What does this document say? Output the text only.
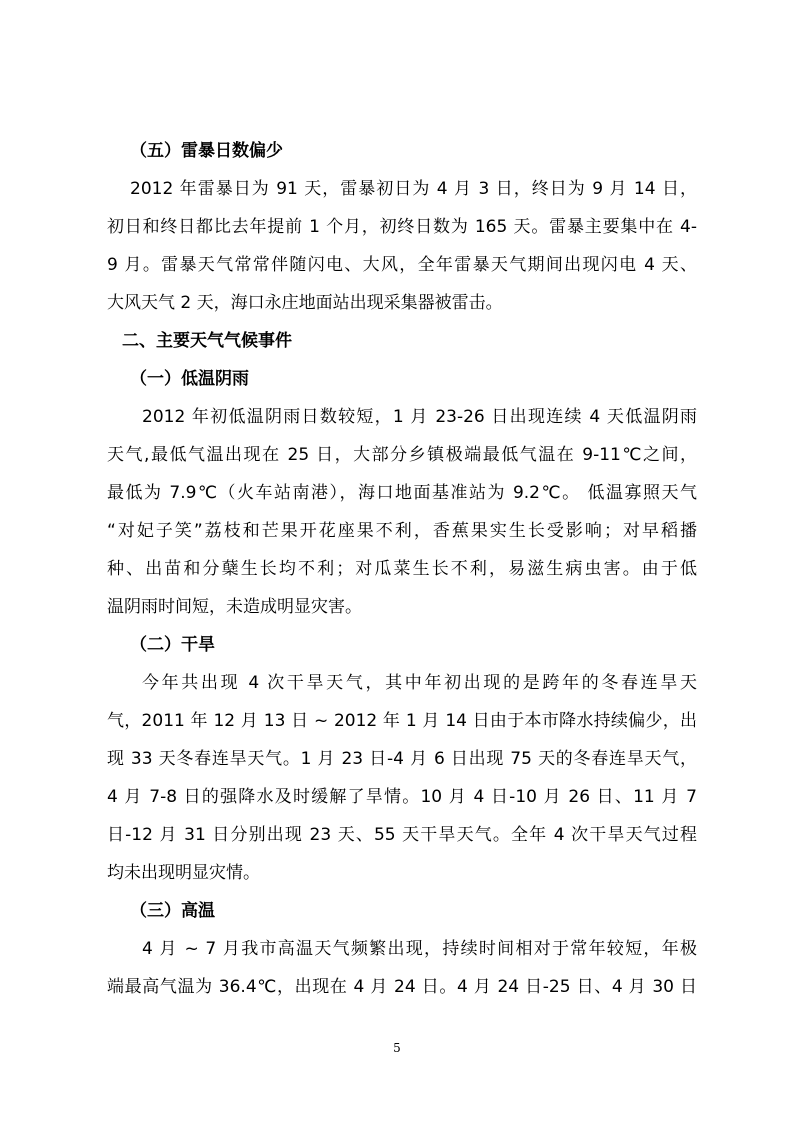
（五）雷暴日数偏少
2012 年雷暴日为 91 天，雷暴初日为 4 月 3 日，终日为 9 月 14 日，
初日和终日都比去年提前 1 个月，初终日数为 165 天。雷暴主要集中在 4-
9 月。雷暴天气常常伴随闪电、大风，全年雷暴天气期间出现闪电 4 天、
大风天气 2 天，海口永庄地面站出现采集器被雷击。
二、主要天气气候事件
（一）低温阴雨
2012 年初低温阴雨日数较短，1 月 23-26 日出现连续 4 天低温阴雨
天气,最低气温出现在 25 日，大部分乡镇极端最低气温在 9-11℃之间，
最低为 7.9℃（火车站南港），海口地面基准站为 9.2℃。 低温寡照天气
“对妃子笑”荔枝和芒果开花座果不利，香蕉果实生长受影响；对早稻播
种、出苗和分蘖生长均不利；对瓜菜生长不利，易滋生病虫害。由于低
温阴雨时间短，未造成明显灾害。
（二）干旱
今年共出现 4 次干旱天气，其中年初出现的是跨年的冬春连旱天
气，2011 年 12 月 13 日 ~ 2012 年 1 月 14 日由于本市降水持续偏少，出
现 33 天冬春连旱天气。1 月 23 日-4 月 6 日出现 75 天的冬春连旱天气，
4 月 7-8 日的强降水及时缓解了旱情。10 月 4 日-10 月 26 日、11 月 7
日-12 月 31 日分别出现 23 天、55 天干旱天气。全年 4 次干旱天气过程
均未出现明显灾情。
（三）高温
4 月 ~ 7 月我市高温天气频繁出现，持续时间相对于常年较短，年极
端最高气温为 36.4℃，出现在 4 月 24 日。4 月 24 日-25 日、4 月 30 日
5
